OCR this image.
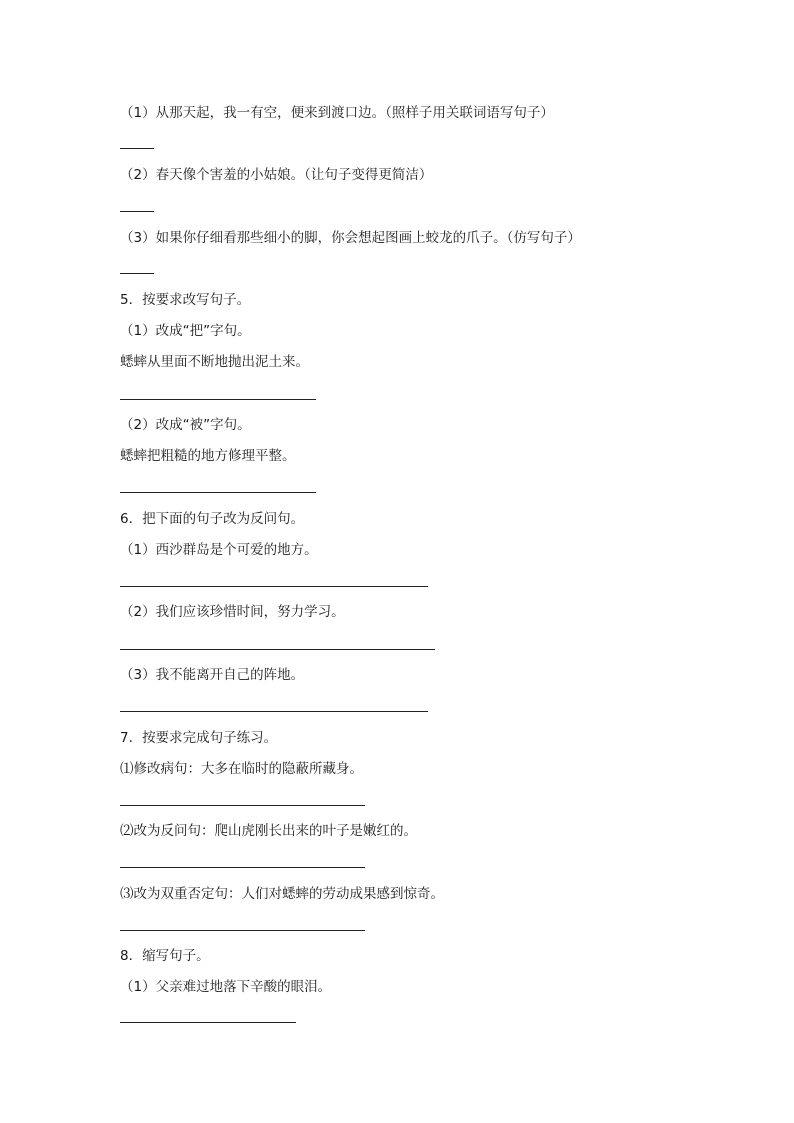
（1）从那天起，我一有空，便来到渡口边。（照样子用关联词语写句子）
（2）春天像个害羞的小姑娘。（让句子变得更简洁）
（3）如果你仔细看那些细小的脚，你会想起图画上蛟龙的爪子。（仿写句子）
5．按要求改写句子。
（1）改成“把”字句。
蟋蟀从里面不断地抛出泥土来。
（2）改成“被”字句。
蟋蟀把粗糙的地方修理平整。
6．把下面的句子改为反问句。
（1）西沙群岛是个可爱的地方。
（2）我们应该珍惜时间，努力学习。
（3）我不能离开自己的阵地。
7．按要求完成句子练习。
⑴修改病句：大多在临时的隐蔽所藏身。
⑵改为反问句：爬山虎刚长出来的叶子是嫩红的。
⑶改为双重否定句：人们对蟋蟀的劳动成果感到惊奇。
8．缩写句子。
（1）父亲难过地落下辛酸的眼泪。
